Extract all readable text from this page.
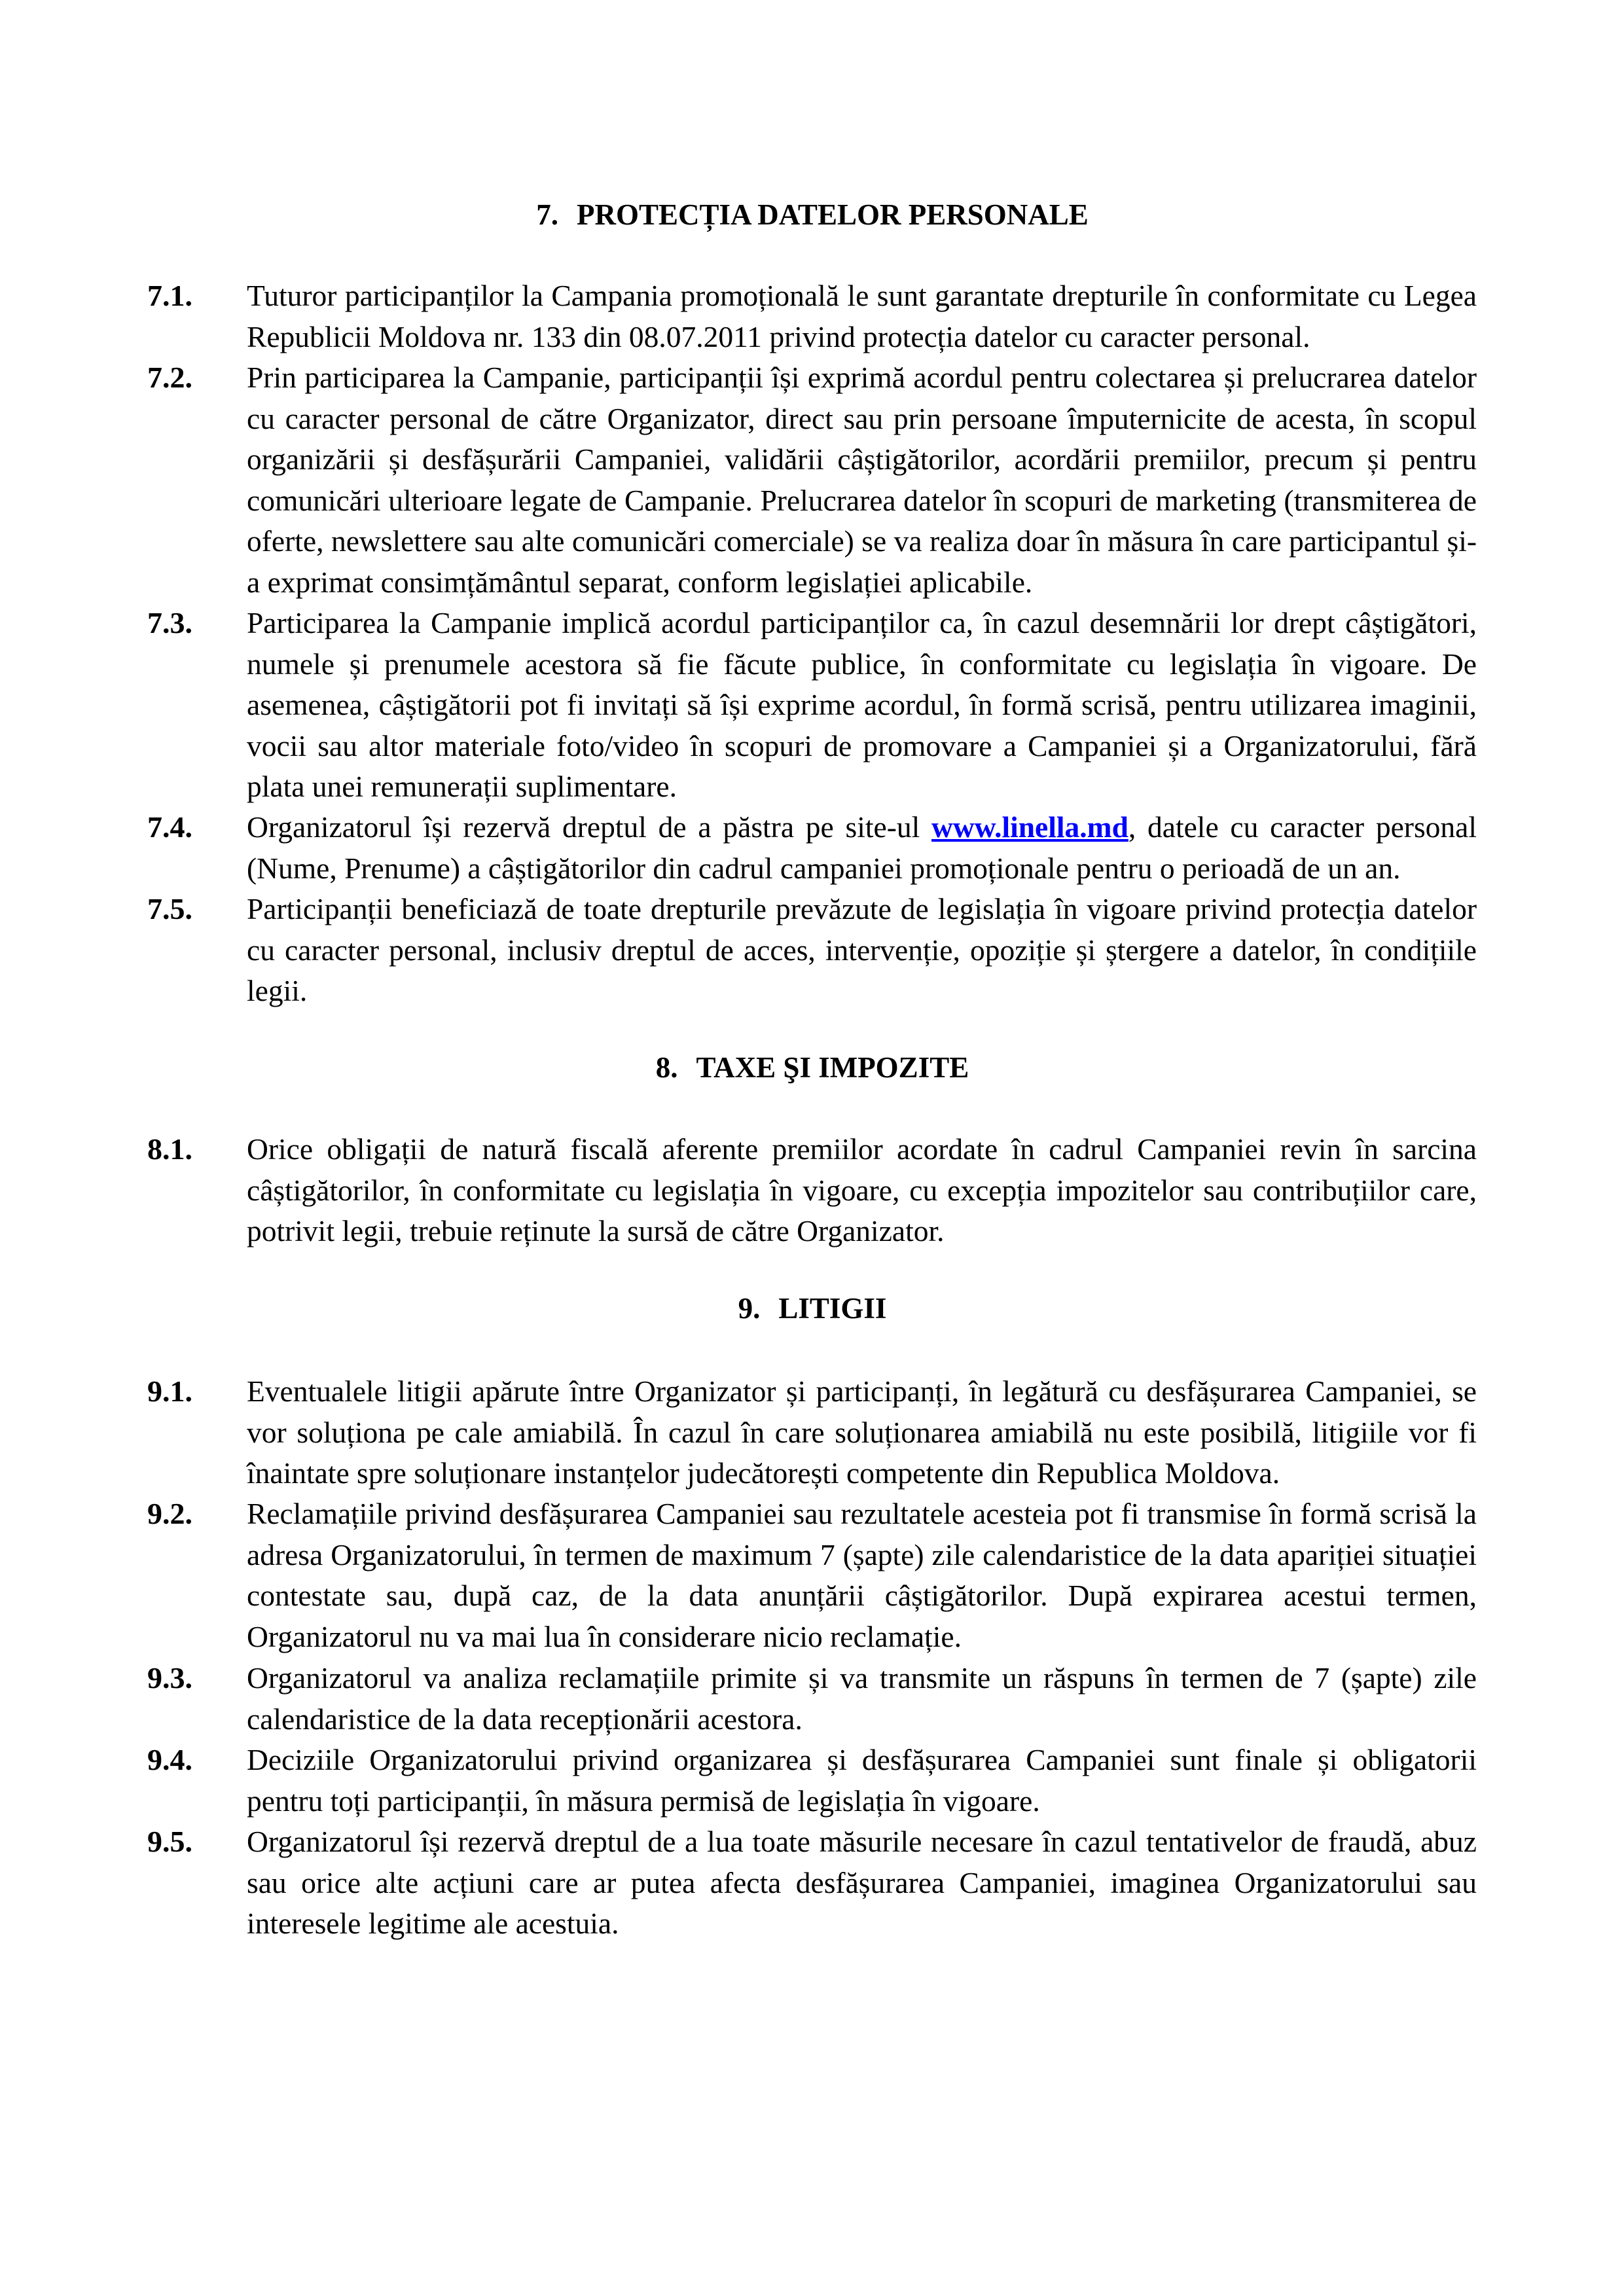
7. PROTECȚIA DATELOR PERSONALE
7.1. Tuturor participanților la Campania promoțională le sunt garantate drepturile în conformitate cu Legea Republicii Moldova nr. 133 din 08.07.2011 privind protecția datelor cu caracter personal.
7.2. Prin participarea la Campanie, participanții își exprimă acordul pentru colectarea și prelucrarea datelor cu caracter personal de către Organizator, direct sau prin persoane împuternicite de acesta, în scopul organizării și desfășurării Campaniei, validării câștigătorilor, acordării premiilor, precum și pentru comunicări ulterioare legate de Campanie. Prelucrarea datelor în scopuri de marketing (transmiterea de oferte, newslettere sau alte comunicări comerciale) se va realiza doar în măsura în care participantul și-a exprimat consimțământul separat, conform legislației aplicabile.
7.3. Participarea la Campanie implică acordul participanților ca, în cazul desemnării lor drept câștigători, numele și prenumele acestora să fie făcute publice, în conformitate cu legislația în vigoare. De asemenea, câștigătorii pot fi invitați să își exprime acordul, în formă scrisă, pentru utilizarea imaginii, vocii sau altor materiale foto/video în scopuri de promovare a Campaniei și a Organizatorului, fără plata unei remunerații suplimentare.
7.4. Organizatorul își rezervă dreptul de a păstra pe site-ul www.linella.md, datele cu caracter personal (Nume, Prenume) a câștigătorilor din cadrul campaniei promoționale pentru o perioadă de un an.
7.5. Participanții beneficiază de toate drepturile prevăzute de legislația în vigoare privind protecția datelor cu caracter personal, inclusiv dreptul de acces, intervenție, opoziție și ștergere a datelor, în condițiile legii.
8. TAXE ŞI IMPOZITE
8.1. Orice obligații de natură fiscală aferente premiilor acordate în cadrul Campaniei revin în sarcina câștigătorilor, în conformitate cu legislația în vigoare, cu excepția impozitelor sau contribuțiilor care, potrivit legii, trebuie reținute la sursă de către Organizator.
9. LITIGII
9.1. Eventualele litigii apărute între Organizator și participanți, în legătură cu desfășurarea Campaniei, se vor soluționa pe cale amiabilă. În cazul în care soluționarea amiabilă nu este posibilă, litigiile vor fi înaintate spre soluționare instanțelor judecătorești competente din Republica Moldova.
9.2. Reclamațiile privind desfășurarea Campaniei sau rezultatele acesteia pot fi transmise în formă scrisă la adresa Organizatorului, în termen de maximum 7 (șapte) zile calendaristice de la data apariției situației contestate sau, după caz, de la data anunțării câștigătorilor. După expirarea acestui termen, Organizatorul nu va mai lua în considerare nicio reclamație.
9.3. Organizatorul va analiza reclamațiile primite și va transmite un răspuns în termen de 7 (șapte) zile calendaristice de la data recepționării acestora.
9.4. Deciziile Organizatorului privind organizarea și desfășurarea Campaniei sunt finale și obligatorii pentru toți participanții, în măsura permisă de legislația în vigoare.
9.5. Organizatorul își rezervă dreptul de a lua toate măsurile necesare în cazul tentativelor de fraudă, abuz sau orice alte acțiuni care ar putea afecta desfășurarea Campaniei, imaginea Organizatorului sau interesele legitime ale acestuia.
